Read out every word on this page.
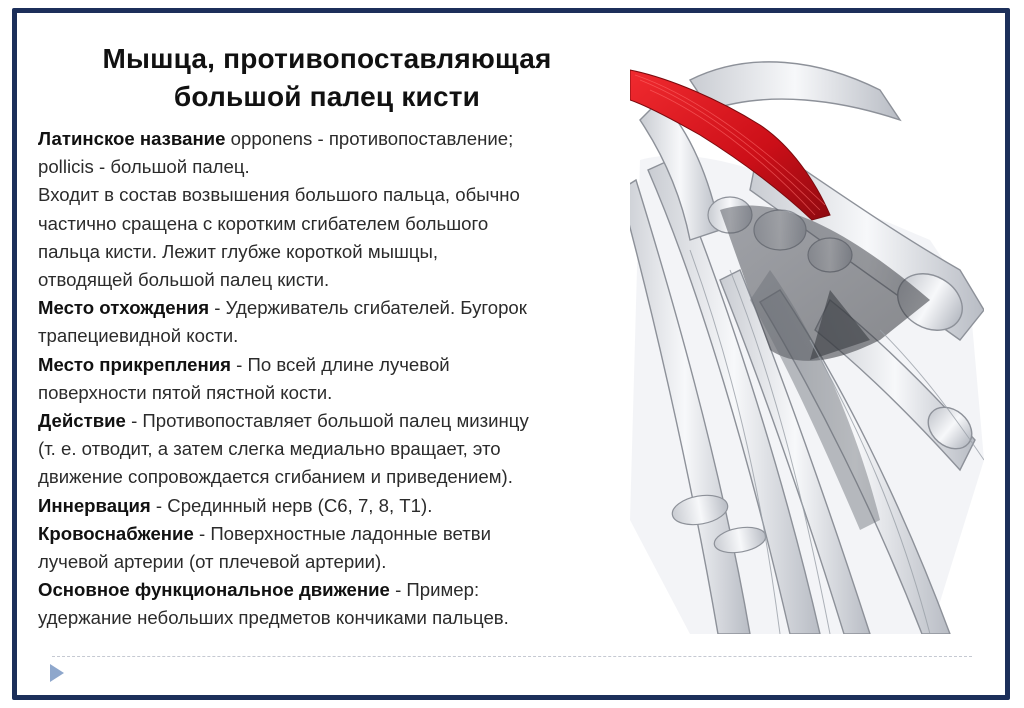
Мышца, противопоставляющая
большой палец кисти
Латинское название opponens - противопоставление;
pollicis - большой палец.
Входит в состав возвышения большого пальца, обычно
частично сращена с коротким сгибателем большого
пальца кисти. Лежит глубже короткой мышцы,
отводящей большой палец кисти.
Место отхождения - Удерживатель сгибателей. Бугорок
трапециевидной кости.
Место прикрепления - По всей длине лучевой
поверхности пятой пястной кости.
Действие - Противопоставляет большой палец мизинцу
(т. е. отводит, а затем слегка медиально вращает, это
движение сопровождается сгибанием и приведением).
Иннервация - Срединный нерв (С6, 7, 8, Т1).
Кровоснабжение - Поверхностные ладонные ветви
лучевой артерии (от плечевой артерии).
Основное функциональное движение - Пример:
удержание небольших предметов кончиками пальцев.
